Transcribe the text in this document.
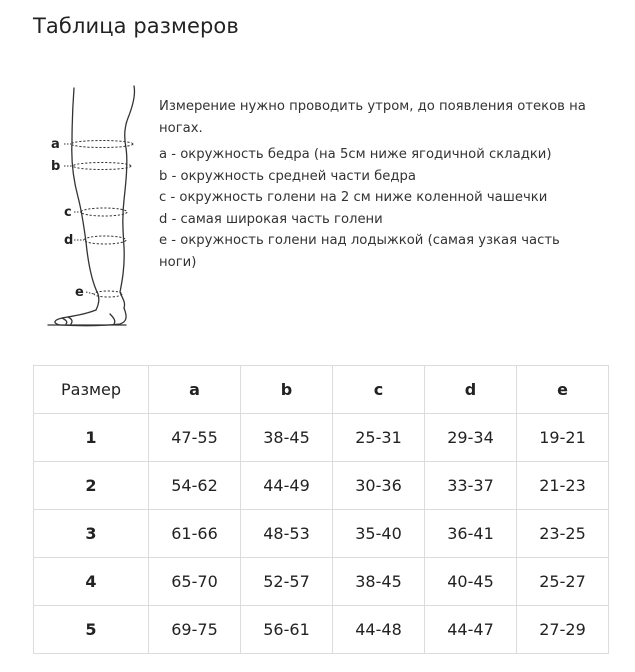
Таблица размеров
a
b
c
d
e
Измерение нужно проводить утром, до появления отеков на ногах.
a - окружность бедра (на 5см ниже ягодичной складки)
b - окружность средней части бедра
c - окружность голени на 2 см ниже коленной чашечки
d - самая широкая часть голени
e - окружность голени над лодыжкой (самая узкая часть ноги)
Размер	a	b	c	d	e
1	47-55	38-45	25-31	29-34	19-21
2	54-62	44-49	30-36	33-37	21-23
3	61-66	48-53	35-40	36-41	23-25
4	65-70	52-57	38-45	40-45	25-27
5	69-75	56-61	44-48	44-47	27-29
